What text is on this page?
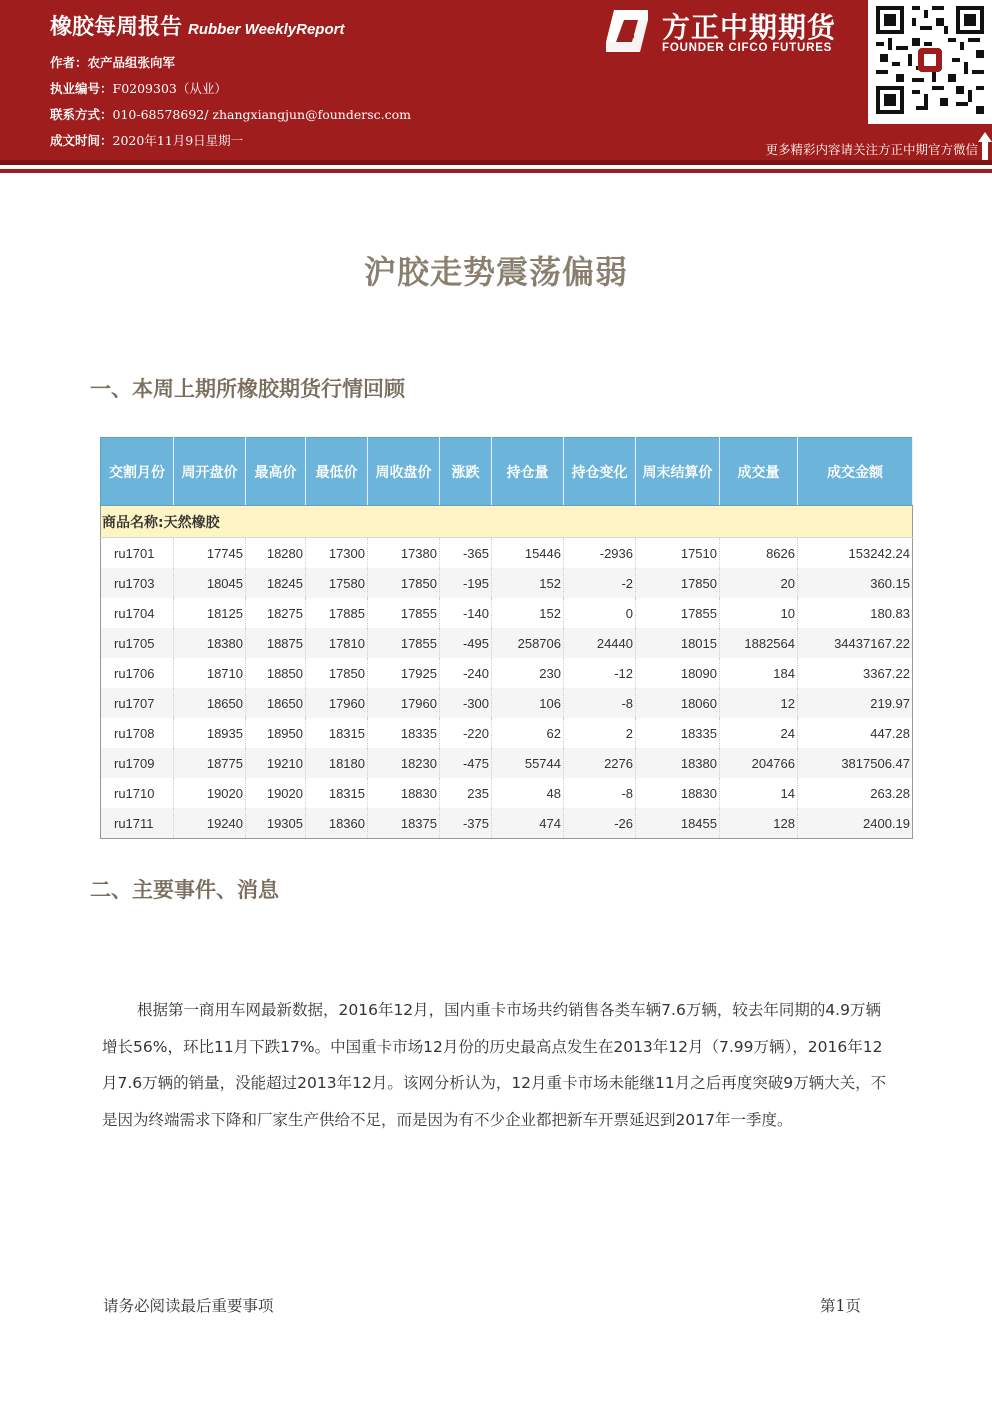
橡胶每周报告 Rubber WeeklyReport
作者：农产品组张向军
执业编号：F0209303（从业）
联系方式：010-68578692/ zhangxiangjun@foundersc.com
成文时间：2020年11月9日星期一
方正中期期货
FOUNDER CIFCO FUTURES
更多精彩内容请关注方正中期官方微信
沪胶走势震荡偏弱
一、本周上期所橡胶期货行情回顾
交割月份	周开盘价	最高价	最低价	周收盘价	涨跌	持仓量	持仓变化	周末结算价	成交量	成交金额
商品名称:天然橡胶										
ru1701	17745	18280	17300	17380	-365	15446	-2936	17510	8626	153242.24
ru1703	18045	18245	17580	17850	-195	152	-2	17850	20	360.15
ru1704	18125	18275	17885	17855	-140	152	0	17855	10	180.83
ru1705	18380	18875	17810	17855	-495	258706	24440	18015	1882564	34437167.22
ru1706	18710	18850	17850	17925	-240	230	-12	18090	184	3367.22
ru1707	18650	18650	17960	17960	-300	106	-8	18060	12	219.97
ru1708	18935	18950	18315	18335	-220	62	2	18335	24	447.28
ru1709	18775	19210	18180	18230	-475	55744	2276	18380	204766	3817506.47
ru1710	19020	19020	18315	18830	235	48	-8	18830	14	263.28
ru1711	19240	19305	18360	18375	-375	474	-26	18455	128	2400.19
二、主要事件、消息

根据第一商用车网最新数据，2016年12月，国内重卡市场共约销售各类车辆7.6万辆，较去年同期的4.9万辆增长56%，环比11月下跌17%。中国重卡市场12月份的历史最高点发生在2013年12月（7.99万辆），2016年12月7.6万辆的销量，没能超过2013年12月。该网分析认为，12月重卡市场未能继11月之后再度突破9万辆大关，不是因为终端需求下降和厂家生产供给不足，而是因为有不少企业都把新车开票延迟到2017年一季度。

请务必阅读最后重要事项	第1页
